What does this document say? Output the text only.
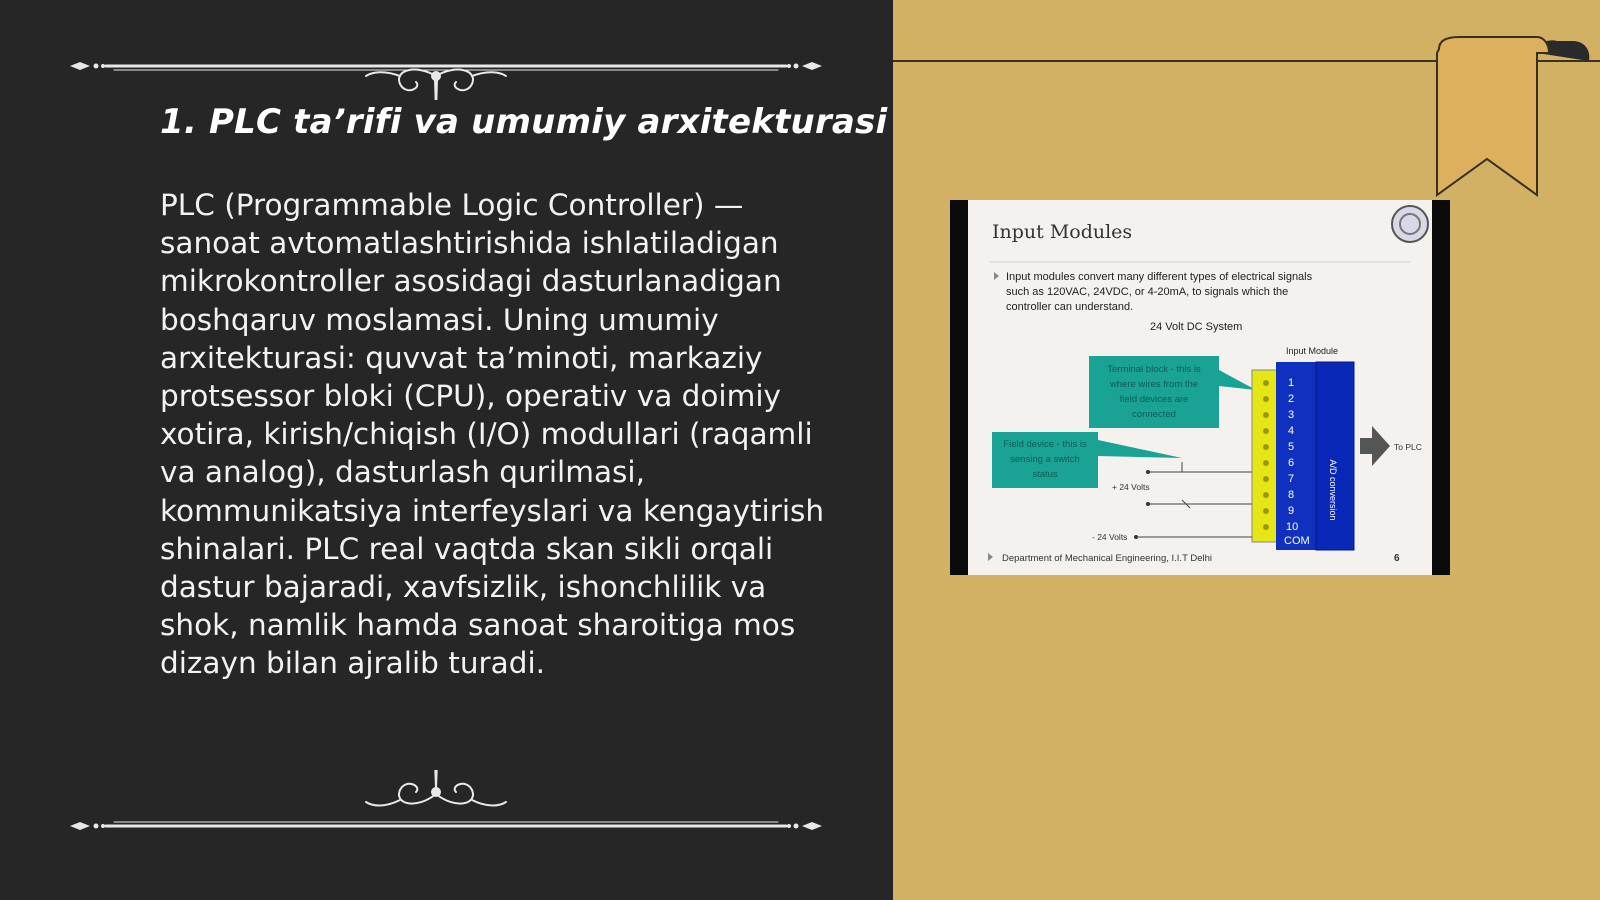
1. PLC ta’rifi va umumiy arxitekturasi

PLC (Programmable Logic Controller) — sanoat avtomatlashtirishida ishlatiladigan mikrokontroller asosidagi dasturlanadigan boshqaruv moslamasi. Uning umumiy arxitekturasi: quvvat ta’minoti, markaziy protsessor bloki (CPU), operativ va doimiy xotira, kirish/chiqish (I/O) modullari (raqamli va analog), dasturlash qurilmasi, kommunikatsiya interfeyslari va kengaytirish shinalari. PLC real vaqtda skan sikli orqali dastur bajaradi, xavfsizlik, ishonchlilik va shok, namlik hamda sanoat sharoitiga mos dizayn bilan ajralib turadi.

Input Modules
Input modules convert many different types of electrical signals
such as 120VAC, 24VDC, or 4-20mA, to signals which the
controller can understand.
24 Volt DC System
Input Module
Terminal block - this is
where wires from the
field devices are
connected
Field device - this is
sensing a switch
status
1
2
3
4
5
6
7
8
9
10
COM
A/D conversion
To PLC
+ 24 Volts
- 24 Volts
Department of Mechanical Engineering, I.I.T Delhi	6
